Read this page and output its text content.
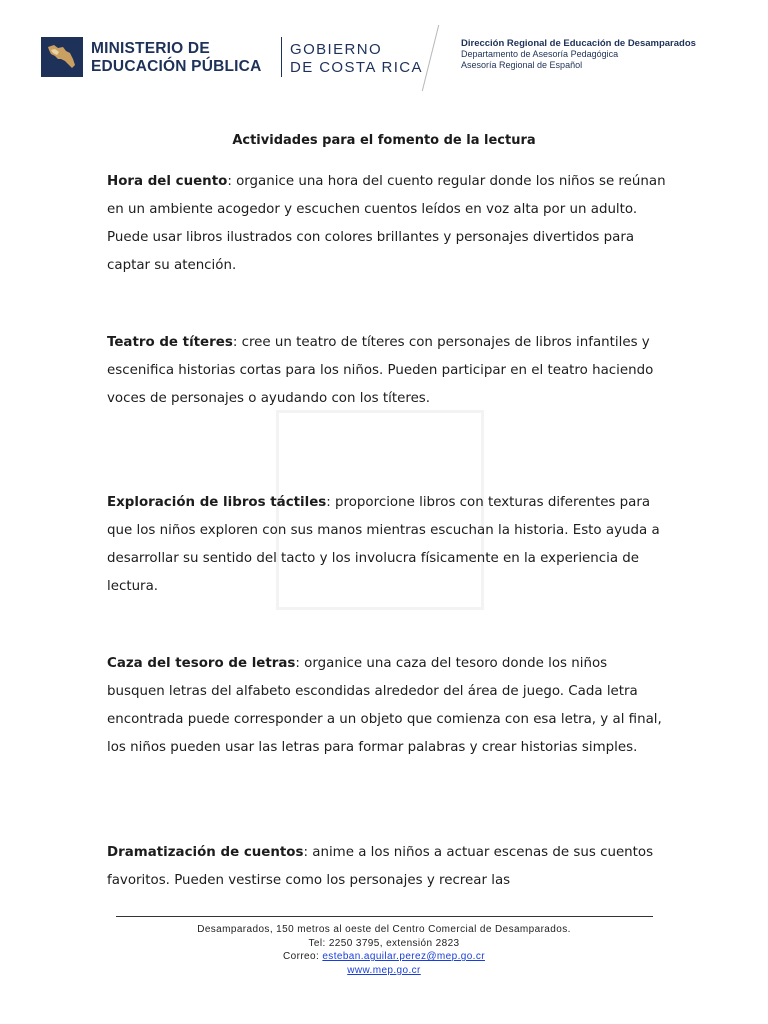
MINISTERIO DE
EDUCACIÓN PÚBLICA
GOBIERNO
DE COSTA RICA
Dirección Regional de Educación de Desamparados
Departamento de Asesoría Pedagógica
Asesoría Regional de Español
Actividades para el fomento de la lectura

Hora del cuento: organice una hora del cuento regular donde los niños se reúnan en un ambiente acogedor y escuchen cuentos leídos en voz alta por un adulto. Puede usar libros ilustrados con colores brillantes y personajes divertidos para captar su atención.

Teatro de títeres: cree un teatro de títeres con personajes de libros infantiles y escenifica historias cortas para los niños. Pueden participar en el teatro haciendo voces de personajes o ayudando con los títeres.

Exploración de libros táctiles: proporcione libros con texturas diferentes para que los niños exploren con sus manos mientras escuchan la historia. Esto ayuda a desarrollar su sentido del tacto y los involucra físicamente en la experiencia de lectura.

Caza del tesoro de letras: organice una caza del tesoro donde los niños busquen letras del alfabeto escondidas alrededor del área de juego. Cada letra encontrada puede corresponder a un objeto que comienza con esa letra, y al final, los niños pueden usar las letras para formar palabras y crear historias simples.

Dramatización de cuentos: anime a los niños a actuar escenas de sus cuentos favoritos. Pueden vestirse como los personajes y recrear las

Desamparados, 150 metros al oeste del Centro Comercial de Desamparados.
Tel: 2250 3795, extensión 2823
Correo: esteban.aguilar.perez@mep.go.cr
www.mep.go.cr
